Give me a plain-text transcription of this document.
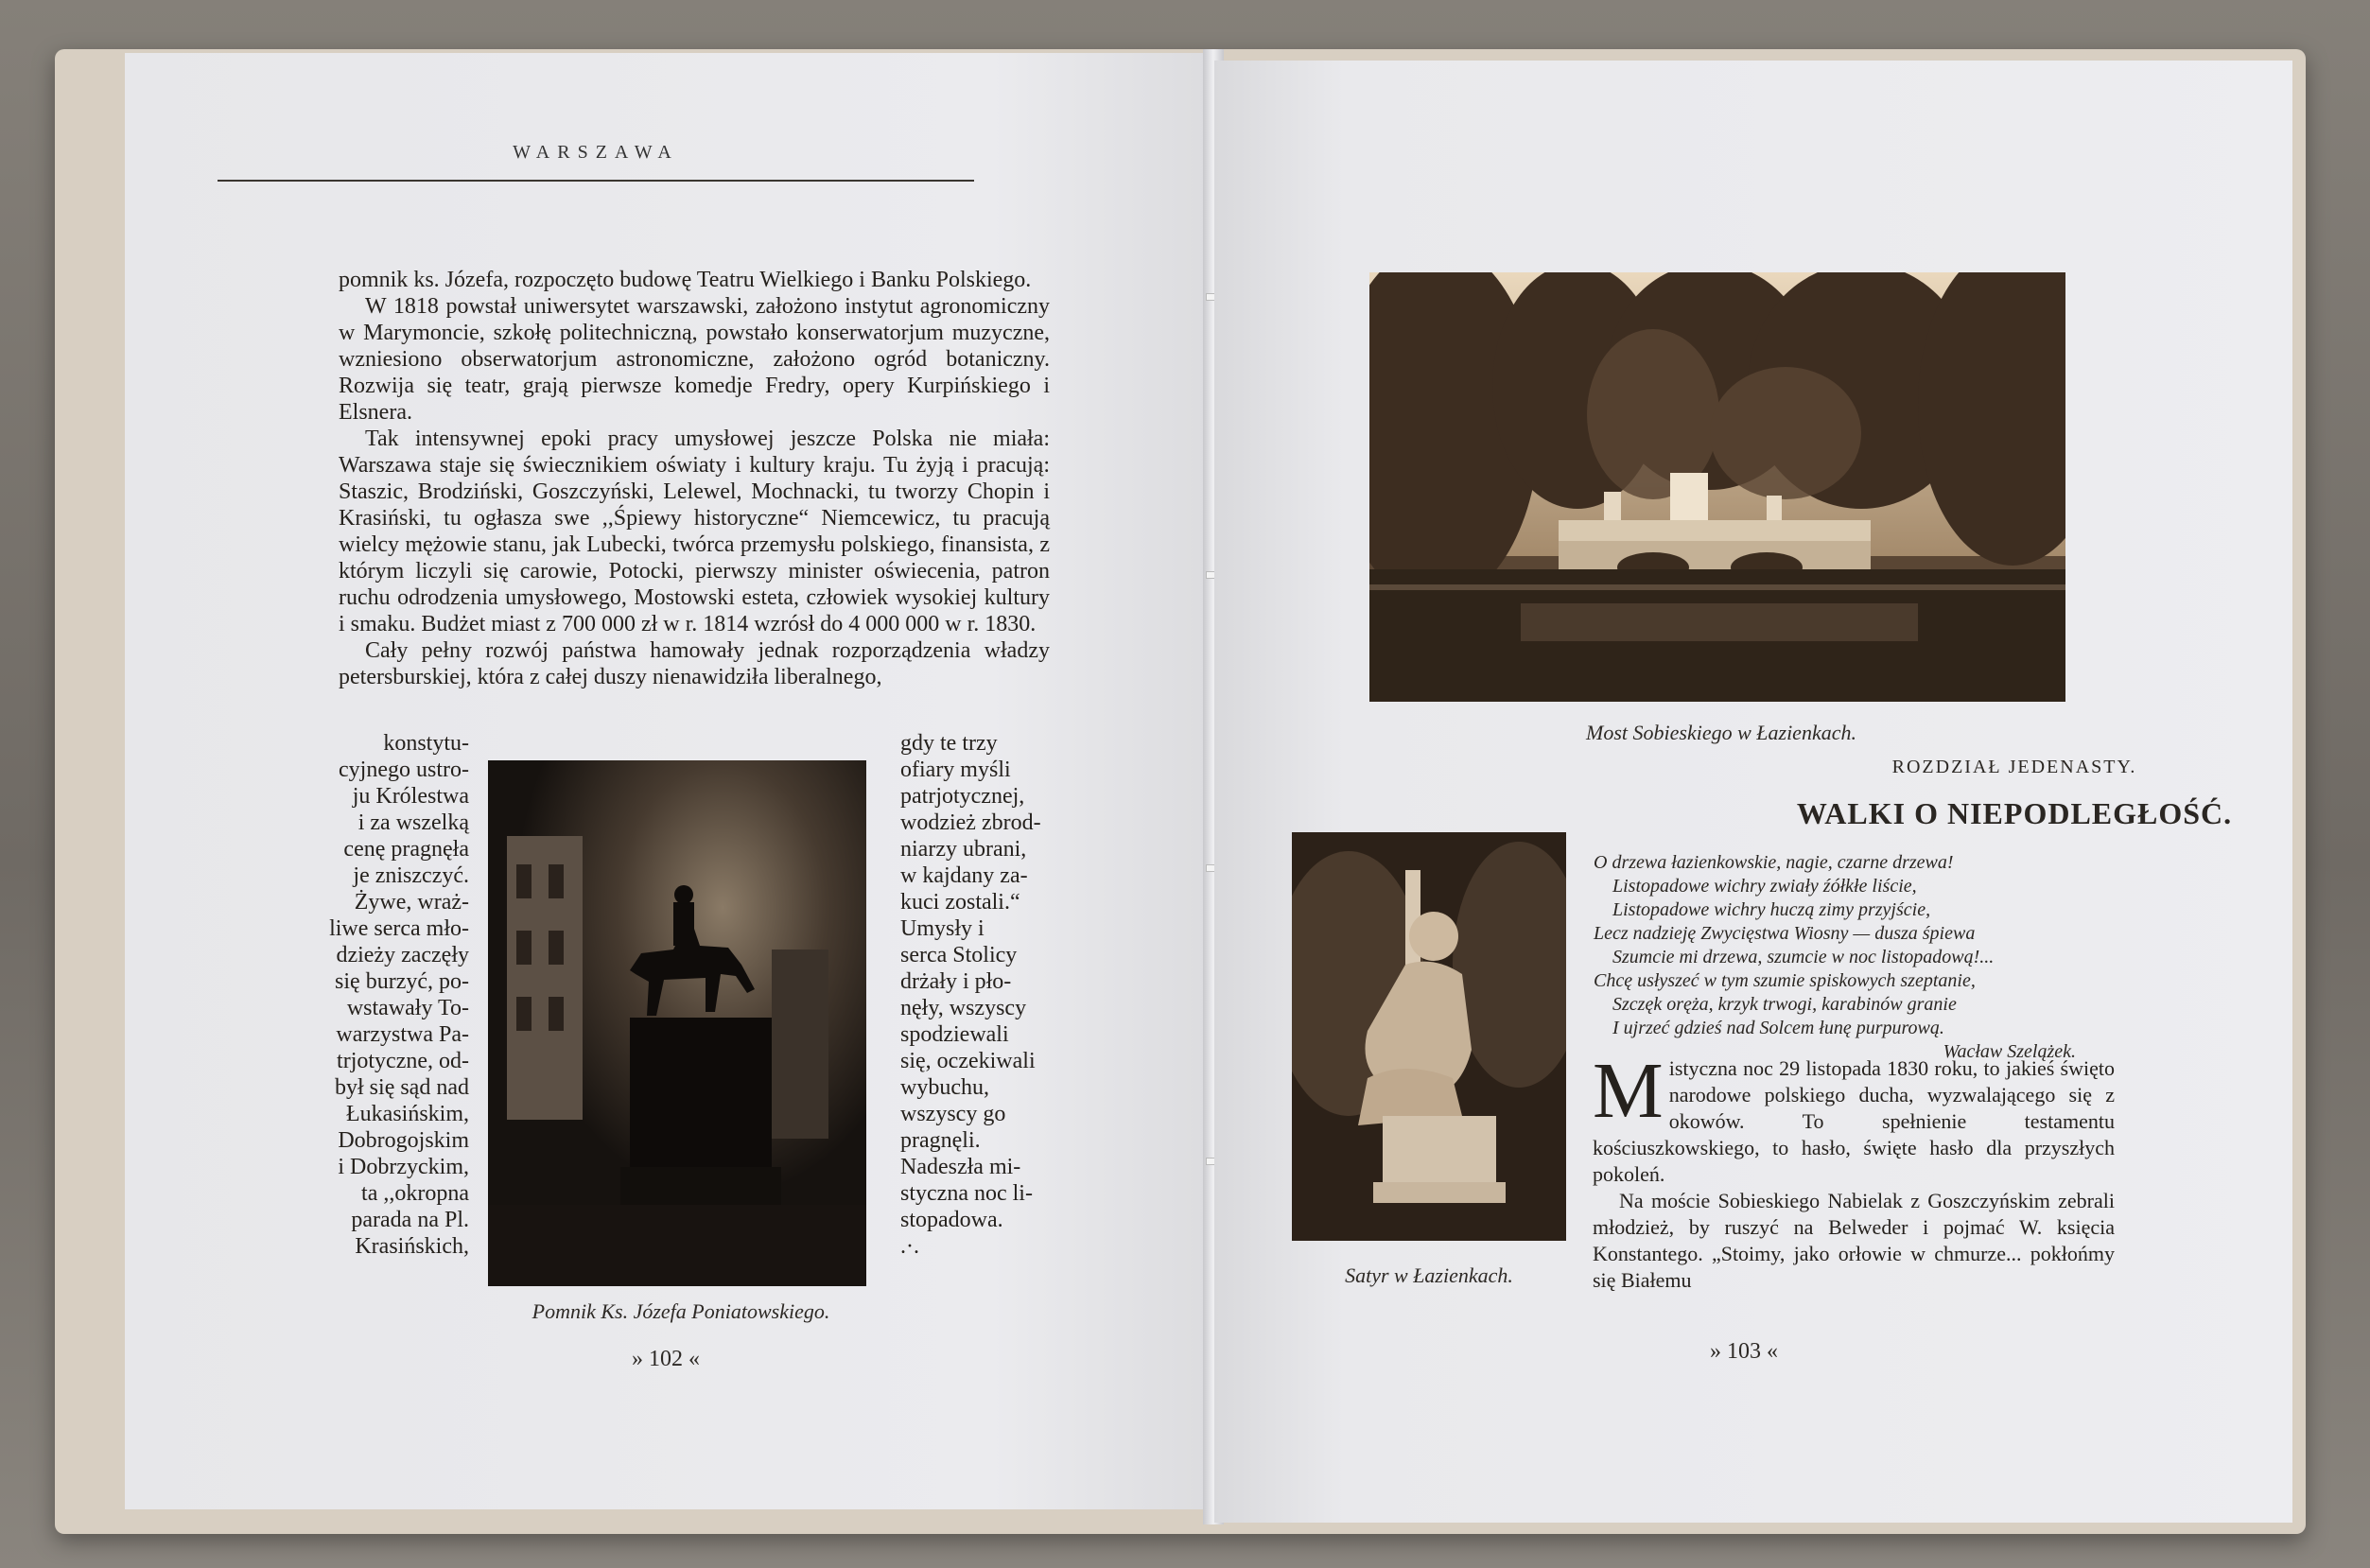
WARSZAWA

pomnik ks. Józefa, rozpoczęto budowę Teatru Wielkiego i Banku Polskiego.

W 1818 powstał uniwersytet warszawski, założono instytut agronomiczny w Marymoncie, szkołę politechniczną, powstało konserwatorjum muzyczne, wzniesiono obserwatorjum astronomiczne, założono ogród botaniczny. Rozwija się teatr, grają pierwsze komedje Fredry, opery Kurpińskiego i Elsnera.

Tak intensywnej epoki pracy umysłowej jeszcze Polska nie miała: Warszawa staje się świecznikiem oświaty i kultury kraju. Tu żyją i pracują: Staszic, Brodziński, Goszczyński, Lelewel, Mochnacki, tu tworzy Chopin i Krasiński, tu ogłasza swe ,,Śpiewy historyczne“ Niemcewicz, tu pracują wielcy mężowie stanu, jak Lubecki, twórca przemysłu polskiego, finansista, z którym liczyli się carowie, Potocki, pierwszy minister oświecenia, patron ruchu odrodzenia umysłowego, Mostowski esteta, człowiek wysokiej kultury i smaku. Budżet miast z 700 000 zł w r. 1814 wzrósł do 4 000 000 w r. 1830.

Cały pełny rozwój państwa hamowały jednak rozporządzenia władzy petersburskiej, która z całej duszy nienawidziła liberalnego,

konstytu-
cyjnego ustro-
ju Królestwa
i za wszelką
cenę pragnęła
je zniszczyć.
Żywe, wraż-
liwe serca mło-
dzieży zaczęły
się burzyć, po-
wstawały To-
warzystwa Pa-
trjotyczne, od-
był się sąd nad
Łukasińskim,
Dobrogojskim
i Dobrzyckim,
ta ,,okropna
parada na Pl.
Krasińskich,
gdy te trzy
ofiary myśli
patrjotycznej,
wodzież zbrod-
niarzy ubrani,
w kajdany za-
kuci zostali.“
Umysły i
serca Stolicy
drżały i pło-
nęły, wszyscy
spodziewali
się, oczekiwali
wybuchu,
wszyscy go
pragnęli.
Nadeszła mi-
styczna noc li-
stopadowa.
.·.
Pomnik Ks. Józefa Poniatowskiego.
» 102 «
Most Sobieskiego w Łazienkach.
ROZDZIAŁ JEDENASTY.
WALKI O NIEPODLEGŁOŚĆ.
Satyr w Łazienkach.

O drzewa łazienkowskie, nagie, czarne drzewa!

Listopadowe wichry zwiały źółkłe liście,

Listopadowe wichry huczą zimy przyjście,

Lecz nadzieję Zwycięstwa Wiosny — dusza śpiewa

Szumcie mi drzewa, szumcie w noc listopadową!...

Chcę usłyszeć w tym szumie spiskowych szeptanie,

Szczęk oręża, krzyk trwogi, karabinów granie

I ujrzeć gdzieś nad Solcem łunę purpurową.

Wacław Szelążek.

Mistyczna noc 29 listopada 1830 roku, to jakieś święto narodowe polskiego ducha, wyzwalającego się z okowów. To spełnienie testamentu kościuszkowskiego, to hasło, święte hasło dla przyszłych pokoleń.

Na moście Sobieskiego Nabielak z Goszczyńskim zebrali młodzież, by ruszyć na Belweder i pojmać W. księcia Konstantego. „Stoimy, jako orłowie w chmurze... pokłońmy się Białemu

» 103 «
